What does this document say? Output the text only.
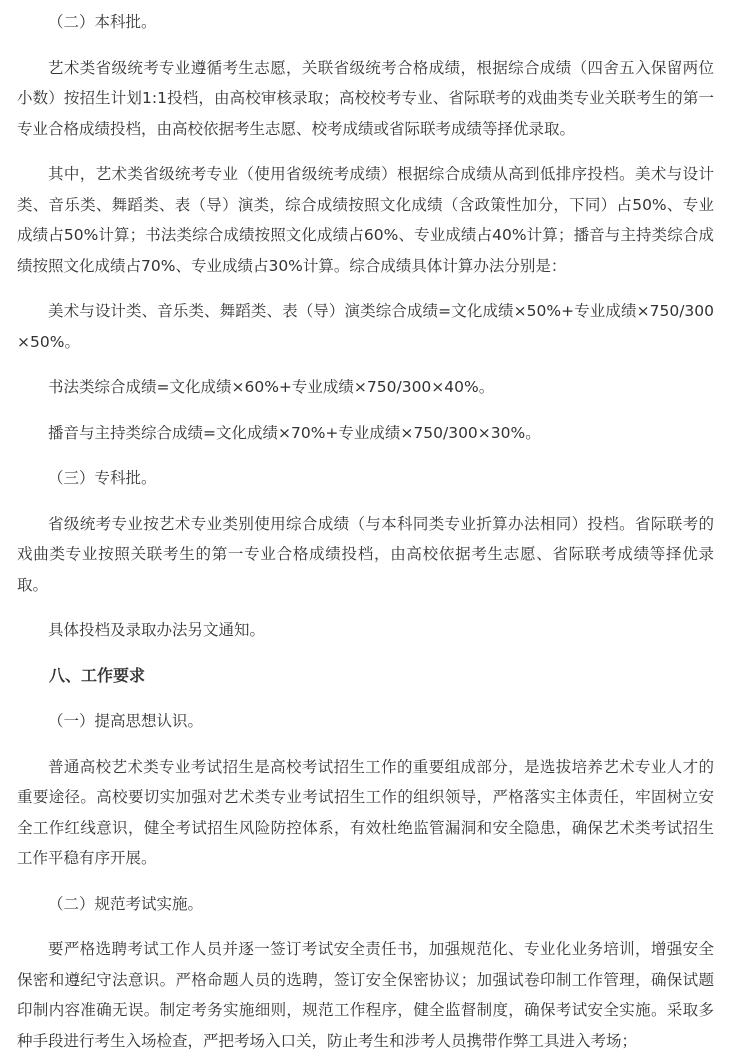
（二）本科批。

艺术类省级统考专业遵循考生志愿，关联省级统考合格成绩，根据综合成绩（四舍五入保留两位小数）按招生计划1:1投档，由高校审核录取；高校校考专业、省际联考的戏曲类专业关联考生的第一专业合格成绩投档，由高校依据考生志愿、校考成绩或省际联考成绩等择优录取。

其中，艺术类省级统考专业（使用省级统考成绩）根据综合成绩从高到低排序投档。美术与设计类、音乐类、舞蹈类、表（导）演类，综合成绩按照文化成绩（含政策性加分，下同）占50%、专业成绩占50%计算；书法类综合成绩按照文化成绩占60%、专业成绩占40%计算；播音与主持类综合成绩按照文化成绩占70%、专业成绩占30%计算。综合成绩具体计算办法分别是：

美术与设计类、音乐类、舞蹈类、表（导）演类综合成绩=文化成绩×50%+专业成绩×750/300×50%。

书法类综合成绩=文化成绩×60%+专业成绩×750/300×40%。

播音与主持类综合成绩=文化成绩×70%+专业成绩×750/300×30%。

（三）专科批。

省级统考专业按艺术专业类别使用综合成绩（与本科同类专业折算办法相同）投档。省际联考的戏曲类专业按照关联考生的第一专业合格成绩投档，由高校依据考生志愿、省际联考成绩等择优录取。

具体投档及录取办法另文通知。

八、工作要求

（一）提高思想认识。

普通高校艺术类专业考试招生是高校考试招生工作的重要组成部分，是选拔培养艺术专业人才的重要途径。高校要切实加强对艺术类专业考试招生工作的组织领导，严格落实主体责任，牢固树立安全工作红线意识，健全考试招生风险防控体系，有效杜绝监管漏洞和安全隐患，确保艺术类考试招生工作平稳有序开展。

（二）规范考试实施。

要严格选聘考试工作人员并逐一签订考试安全责任书，加强规范化、专业化业务培训，增强安全保密和遵纪守法意识。严格命题人员的选聘，签订安全保密协议；加强试卷印制工作管理，确保试题印制内容准确无误。制定考务实施细则，规范工作程序，健全监督制度，确保考试安全实施。采取多种手段进行考生入场检查，严把考场入口关，防止考生和涉考人员携带作弊工具进入考场；
